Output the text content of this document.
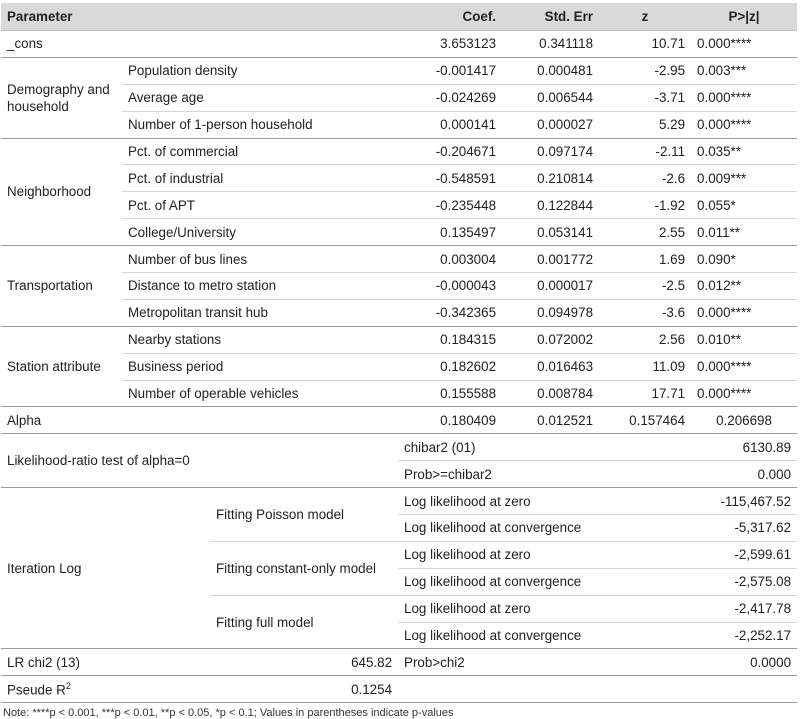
Parameter			Coef.	Std. Err	z	P>|z|
_cons			3.653123	0.341118	10.71	0.000****
Demography and household	Population density		-0.001417	0.000481	-2.95	0.003***
	Average age		-0.024269	0.006544	-3.71	0.000****
	Number of 1-person household		0.000141	0.000027	5.29	0.000****
Neighborhood	Pct. of commercial		-0.204671	0.097174	-2.11	0.035**
	Pct. of industrial		-0.548591	0.210814	-2.6	0.009***
	Pct. of APT		-0.235448	0.122844	-1.92	0.055*
	College/University		0.135497	0.053141	2.55	0.011**
Transportation	Number of bus lines		0.003004	0.001772	1.69	0.090*
	Distance to metro station		-0.000043	0.000017	-2.5	0.012**
	Metropolitan transit hub		-0.342365	0.094978	-3.6	0.000****
Station attribute	Nearby stations		0.184315	0.072002	2.56	0.010**
	Business period		0.182602	0.016463	11.09	0.000****
	Number of operable vehicles		0.155588	0.008784	17.71	0.000****
Alpha			0.180409	0.012521	0.157464	0.206698
Likelihood-ratio test of alpha=0			chibar2 (01)		6130.89	
			Prob>=chibar2		0.000	
Iteration Log		Fitting Poisson model	Log likelihood at zero		-115,467.52	
			Log likelihood at convergence		-5,317.62	
		Fitting constant-only model	Log likelihood at zero		-2,599.61	
			Log likelihood at convergence		-2,575.08	
		Fitting full model	Log likelihood at zero		-2,417.78	
			Log likelihood at convergence		-2,252.17	
LR chi2 (13)		645.82	Prob>chi2		0.0000	
Pseude $R^2$		0.1254				
Note: ****p < 0.001, ***p < 0.01, **p < 0.05, *p < 0.1; Values in parentheses indicate p-values
